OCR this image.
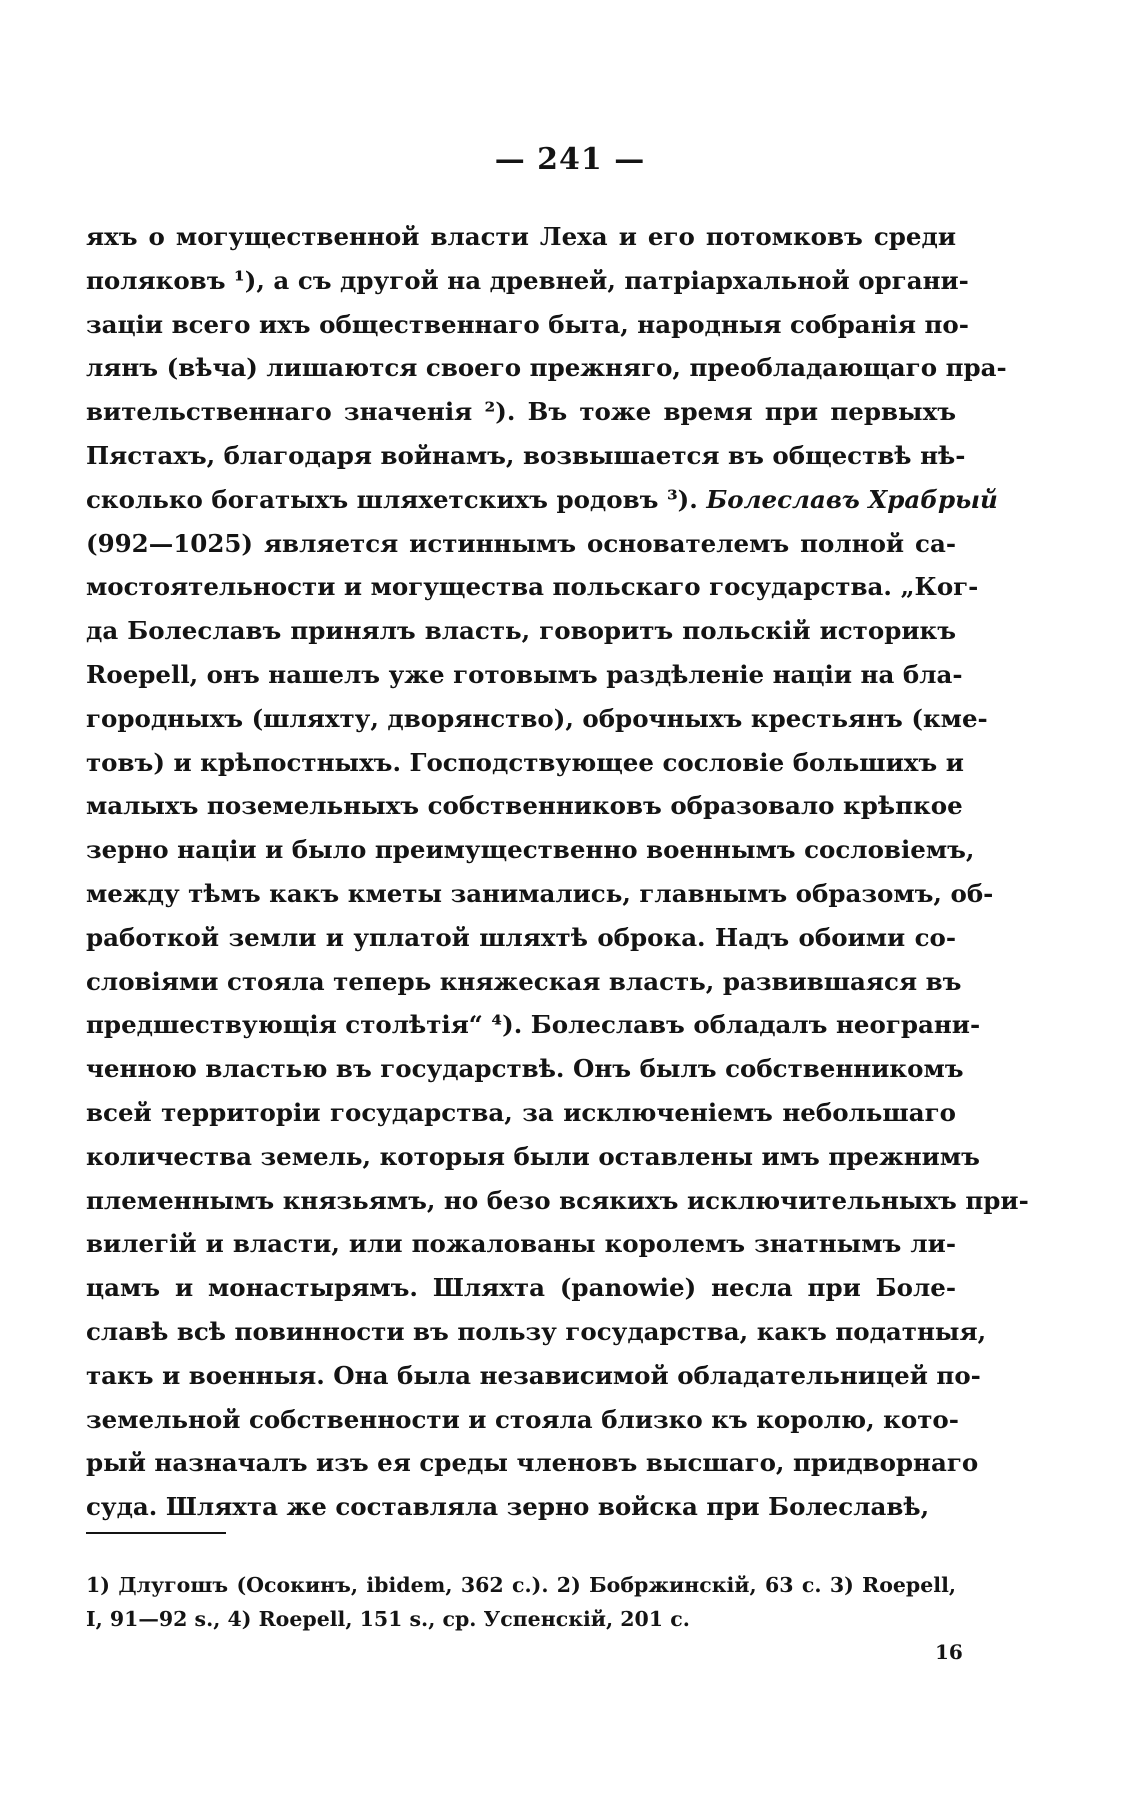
— 241 —
яхъ о могущественной власти Леха и его потомковъ среди
поляковъ ¹), а съ другой на древней, патріархальной органи-
заціи всего ихъ общественнаго быта, народныя собранія по-
лянъ (вѣча) лишаются своего прежняго, преобладающаго пра-
вительственнаго значенія ²). Въ тоже время при первыхъ
Пястахъ, благодаря войнамъ, возвышается въ обществѣ нѣ-
сколько богатыхъ шляхетскихъ родовъ ³). Болеславъ Храбрый
(992—1025) является истиннымъ основателемъ полной са-
мостоятельности и могущества польскаго государства. „Ког-
да Болеславъ принялъ власть, говоритъ польскій историкъ
Roepell, онъ нашелъ уже готовымъ раздѣленіе націи на бла-
городныхъ (шляхту, дворянство), оброчныхъ крестьянъ (кме-
товъ) и крѣпостныхъ. Господствующее сословіе большихъ и
малыхъ поземельныхъ собственниковъ образовало крѣпкое
зерно націи и было преимущественно военнымъ сословіемъ,
между тѣмъ какъ кметы занимались, главнымъ образомъ, об-
работкой земли и уплатой шляхтѣ оброка. Надъ обоими со-
словіями стояла теперь княжеская власть, развившаяся въ
предшествующія столѣтія“ ⁴). Болеславъ обладалъ неограни-
ченною властью въ государствѣ. Онъ былъ собственникомъ
всей территоріи государства, за исключеніемъ небольшаго
количества земель, которыя были оставлены имъ прежнимъ
племеннымъ князьямъ, но безо всякихъ исключительныхъ при-
вилегій и власти, или пожалованы королемъ знатнымъ ли-
цамъ и монастырямъ. Шляхта (panowie) несла при Боле-
славѣ всѣ повинности въ пользу государства, какъ податныя,
такъ и военныя. Она была независимой обладательницей по-
земельной собственности и стояла близко къ королю, кото-
рый назначалъ изъ ея среды членовъ высшаго, придворнаго
суда. Шляхта же составляла зерно войска при Болеславѣ,
1) Длугошъ (Осокинъ, ibidem, 362 с.). 2) Бобржинскій, 63 с. 3) Roepell,
I, 91—92 s., 4) Roepell, 151 s., ср. Успенскій, 201 с.
16
